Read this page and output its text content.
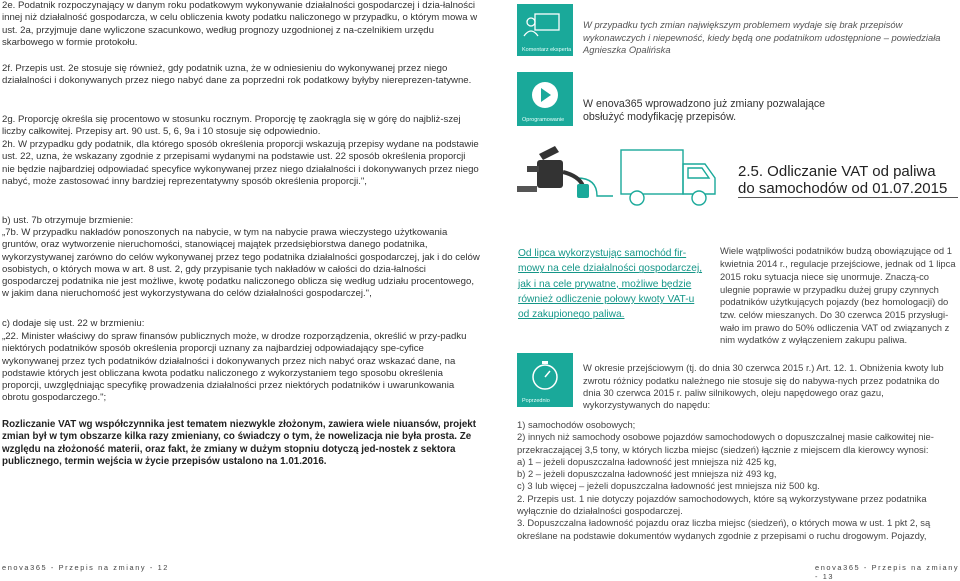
2e. Podatnik rozpoczynający w danym roku podatkowym wykonywanie działalności gospodarczej i dzia-łalności innej niż działalność gospodarcza, w celu obliczenia kwoty podatku naliczonego w przypadku, o którym mowa w ust. 2a, przyjmuje dane wyliczone szacunkowo, według prognozy uzgodnionej z na-czelnikiem urzędu skarbowego w formie protokołu.

2f. Przepis ust. 2e stosuje się również, gdy podatnik uzna, że w odniesieniu do wykonywanej przez niego działalności i dokonywanych przez niego nabyć dane za poprzedni rok podatkowy byłyby niereprezen-tatywne.

2g. Proporcję określa się procentowo w stosunku rocznym. Proporcję tę zaokrągla się w górę do najbliż-szej liczby całkowitej. Przepisy art. 90 ust. 5, 6, 9a i 10 stosuje się odpowiednio.

2h. W przypadku gdy podatnik, dla którego sposób określenia proporcji wskazują przepisy wydane na podstawie ust. 22, uzna, że wskazany zgodnie z przepisami wydanymi na podstawie ust. 22 sposób określenia proporcji nie będzie najbardziej odpowiadać specyfice wykonywanej przez niego działalności i dokonywanych przez niego nabyć, może zastosować inny bardziej reprezentatywny sposób określenia proporcji.",

b) ust. 7b otrzymuje brzmienie:

„7b. W przypadku nakładów ponoszonych na nabycie, w tym na nabycie prawa wieczystego użytkowania gruntów, oraz wytworzenie nieruchomości, stanowiącej majątek przedsiębiorstwa danego podatnika, wykorzystywanej zarówno do celów wykonywanej przez tego podatnika działalności gospodarczej, jak i do celów osobistych, o których mowa w art. 8 ust. 2, gdy przypisanie tych nakładów w całości do dzia-łalności gospodarczej podatnika nie jest możliwe, kwotę podatku naliczonego oblicza się według udziału procentowego, w jakim dana nieruchomość jest wykorzystywana do celów działalności gospodarczej.",

c) dodaje się ust. 22 w brzmieniu:

„22. Minister właściwy do spraw finansów publicznych może, w drodze rozporządzenia, określić w przy-padku niektórych podatników sposób określenia proporcji uznany za najbardziej odpowiadający spe-cyfice wykonywanej przez tych podatników działalności i dokonywanych przez nich nabyć oraz wskazać dane, na podstawie których jest obliczana kwota podatku naliczonego z wykorzystaniem tego sposobu określenia proporcji, uwzględniając specyfikę prowadzenia działalności przez niektórych podatników i uwarunkowania obrotu gospodarczego.";

Rozliczanie VAT wg współczynnika jest tematem niezwykle złożonym, zawiera wiele niuansów, projekt zmian był w tym obszarze kilka razy zmieniany, co świadczy o tym, że nowelizacja nie była prosta. Ze względu na złożoność materii, oraz fakt, że zmiany w dużym stopniu dotyczą jed-nostek z sektora publicznego, termin wejścia w życie przepisów ustalono na 1.01.2016.

Komentarz eksperta

W przypadku tych zmian największym problemem wydaje się brak przepisów wykonawczych i niepewność, kiedy będą one podatnikom udostępnione – powiedziała Agnieszka Opalińska

Oprogramowanie

W enova365 wprowadzono już zmiany pozwalające obsłużyć modyfikację przepisów.

2.5. Odliczanie VAT od paliwa
do samochodów od 01.07.2015

Od lipca wykorzystując samochód fir-mowy na cele działalności gospodarczej, jak i na cele prywatne, możliwe będzie również odliczenie połowy kwoty VAT-u od zakupionego paliwa.

Wiele wątpliwości podatników budzą obowiązujące od 1 kwietnia 2014 r., regulacje przejściowe, jednak od 1 lipca 2015 roku sytuacja niece się unormuje. Znaczą-co ulegnie poprawie w przypadku dużej grupy czynnych podatników użytkujących pojazdy (bez homologacji) do tzw. celów mieszanych. Do 30 czerwca 2015 przysługi-wało im prawo do 50% odliczenia VAT od związanych z nim wydatków z wyłączeniem zakupu paliwa.

Poprzednio

W okresie przejściowym (tj. do dnia 30 czerwca 2015 r.) Art. 12. 1. Obniżenia kwoty lub zwrotu różnicy podatku należnego nie stosuje się do nabywa-nych przez podatnika do dnia 30 czerwca 2015 r. paliw silnikowych, oleju napędowego oraz gazu, wykorzystywanych do napędu:

1) samochodów osobowych;

2) innych niż samochody osobowe pojazdów samochodowych o dopuszczalnej masie całkowitej nie-przekraczającej 3,5 tony, w których liczba miejsc (siedzeń) łącznie z miejscem dla kierowcy wynosi:

a) 1 – jeżeli dopuszczalna ładowność jest mniejsza niż 425 kg,

b) 2 – jeżeli dopuszczalna ładowność jest mniejsza niż 493 kg,

c) 3 lub więcej – jeżeli dopuszczalna ładowność jest mniejsza niż 500 kg.

2. Przepis ust. 1 nie dotyczy pojazdów samochodowych, które są wykorzystywane przez podatnika wyłącznie do działalności gospodarczej.

3. Dopuszczalna ładowność pojazdu oraz liczba miejsc (siedzeń), o których mowa w ust. 1 pkt 2, są określane na podstawie dokumentów wydanych zgodnie z przepisami o ruchu drogowym. Pojazdy,

enova365 - Przepis na zmiany - 12	enova365 - Przepis na zmiany - 13
